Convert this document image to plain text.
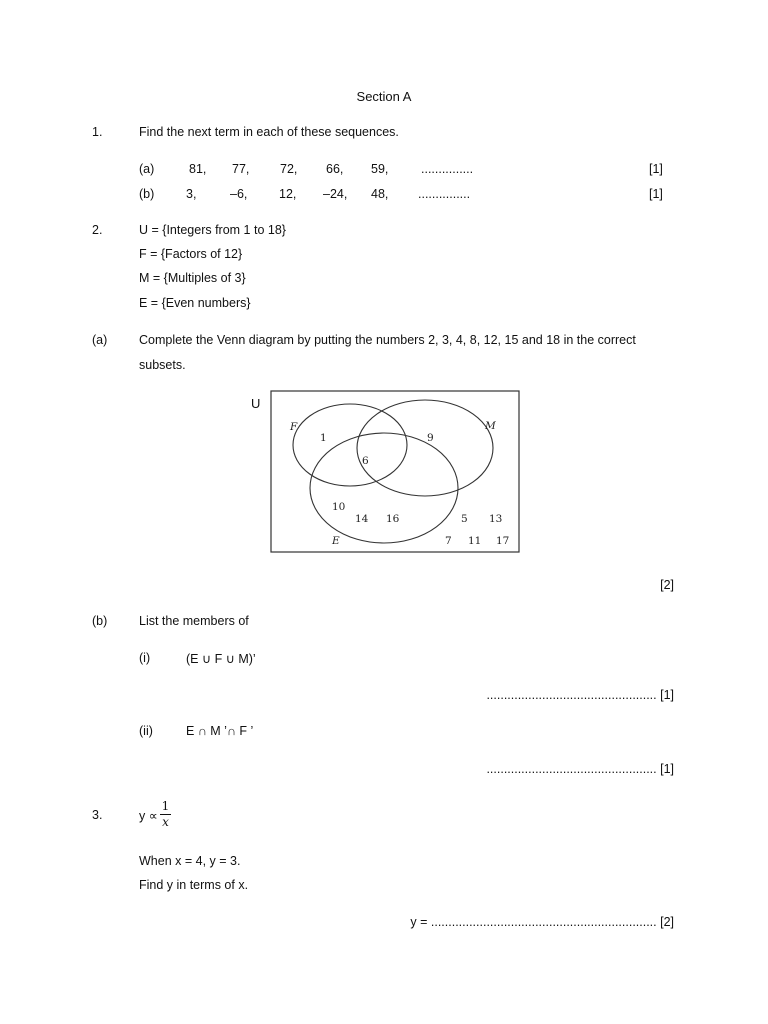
Section A
1.	Find the next term in each of these sequences.
(a)	81, 77, 72, 66, 59,	...............	[1]
(b)	3,	–6,	12, –24, 48, ...............	[1]
2.	U = {Integers from 1 to 18}
F = {Factors of 12}
M = {Multiples of 3}
E = {Even numbers}
(a)	Complete the Venn diagram by putting the numbers 2, 3, 4, 8, 12, 15 and 18 in the correct
subsets.
U
F	M
E
1	9
6
10
14 16	5 13
7 11 17
[2]
(b)	List the members of
(i)	(E ∪ F ∪ M)’
................................................. [1]
(ii)	E ∩ M ’∩ F ’
................................................. [1]
3.	y ∝
1
x
When x = 4, y = 3.
Find y in terms of x.
y = ................................................................. [2]
